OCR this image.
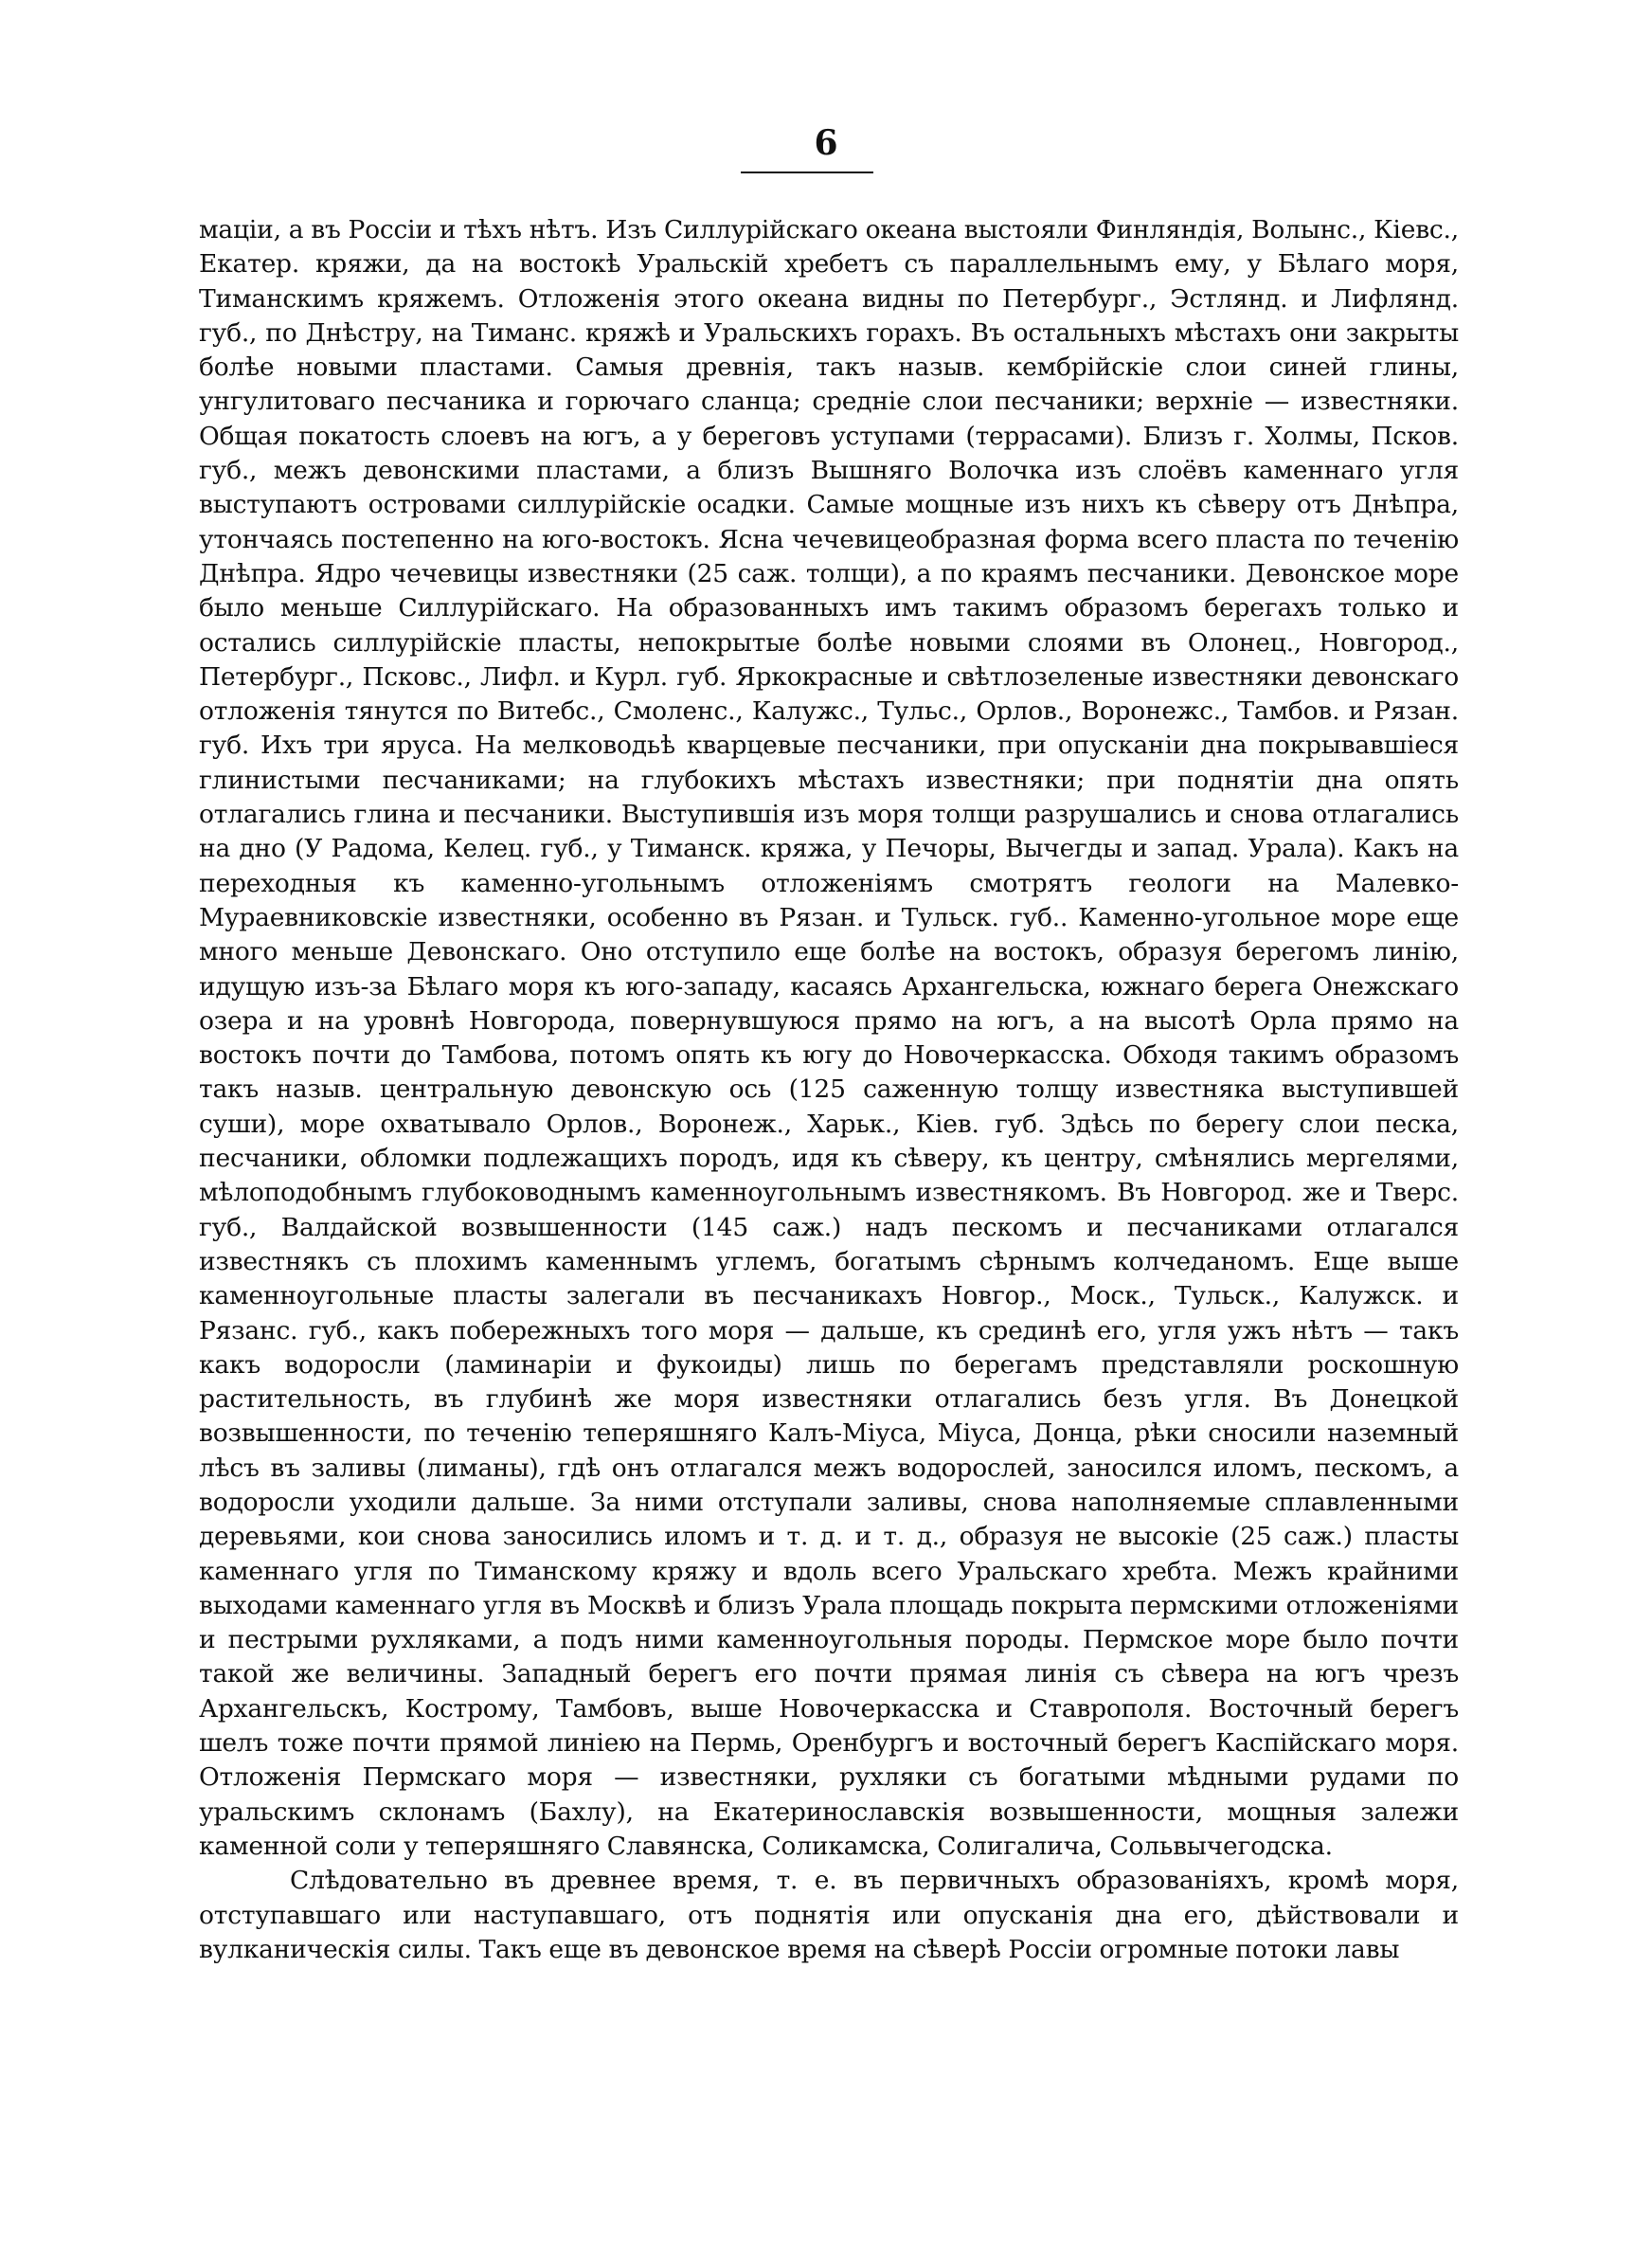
6

маціи, а въ Россіи и тѣхъ нѣтъ. Изъ Силлурійскаго океана выстояли Финляндія, Волынс., Кіевс., Екатер. кряжи, да на востокѣ Уральскій хребетъ съ параллельнымъ ему, у Бѣлаго моря, Тиманскимъ кряжемъ. Отложенія этого океана видны по Петербург., Эстлянд. и Лифлянд. губ., по Днѣстру, на Тиманс. кряжѣ и Уральскихъ горахъ. Въ остальныхъ мѣстахъ они закрыты болѣе новыми пластами. Самыя древнія, такъ назыв. кембрійскіе слои синей глины, унгулитоваго песчаника и горючаго сланца; средніе слои песчаники; верхніе — известняки. Общая покатость слоевъ на югъ, а у береговъ уступами (террасами). Близъ г. Холмы, Псков. губ., межъ девонскими пластами, а близъ Вышняго Волочка изъ слоёвъ каменнаго угля выступаютъ островами силлурійскіе осадки. Самые мощные изъ нихъ къ сѣверу отъ Днѣпра, утончаясь постепенно на юго-востокъ. Ясна чечевицеобразная форма всего пласта по теченію Днѣпра. Ядро чечевицы известняки (25 саж. толщи), а по краямъ песчаники. Девонское море было меньше Силлурійскаго. На образованныхъ имъ такимъ образомъ берегахъ только и остались силлурійскіе пласты, непокрытые болѣе новыми слоями въ Олонец., Новгород., Петербург., Псковс., Лифл. и Курл. губ. Яркокрасные и свѣтлозеленые известняки девонскаго отложенія тянутся по Витебс., Смоленс., Калужс., Тульс., Орлов., Воронежс., Тамбов. и Рязан. губ. Ихъ три яруса. На мелководьѣ кварцевые песчаники, при опусканіи дна покрывавшіеся глинистыми песчаниками; на глубокихъ мѣстахъ известняки; при поднятіи дна опять отлагались глина и песчаники. Выступившія изъ моря толщи разрушались и снова отлагались на дно (У Радома, Келец. губ., у Тиманск. кряжа, у Печоры, Вычегды и запад. Урала). Какъ на переходныя къ каменно-угольнымъ отложеніямъ смотрятъ геологи на Малевко-Мураевниковскіе известняки, особенно въ Рязан. и Тульск. губ.. Каменно-угольное море еще много меньше Девонскаго. Оно отступило еще болѣе на востокъ, образуя берегомъ линію, идущую изъ-за Бѣлаго моря къ юго-западу, касаясь Архангельска, южнаго берега Онежскаго озера и на уровнѣ Новгорода, повернувшуюся прямо на югъ, а на высотѣ Орла прямо на востокъ почти до Тамбова, потомъ опять къ югу до Новочеркасска. Обходя такимъ образомъ такъ назыв. центральную девонскую ось (125 саженную толщу известняка выступившей суши), море охватывало Орлов., Воронеж., Харьк., Кіев. губ. Здѣсь по берегу слои песка, песчаники, обломки подлежащихъ породъ, идя къ сѣверу, къ центру, смѣнялись мергелями, мѣлоподобнымъ глубоководнымъ каменноугольнымъ известнякомъ. Въ Новгород. же и Тверс. губ., Валдайской возвышенности (145 саж.) надъ пескомъ и песчаниками отлагался известнякъ съ плохимъ каменнымъ углемъ, богатымъ сѣрнымъ колчеданомъ. Еще выше каменноугольные пласты залегали въ песчаникахъ Новгор., Моск., Тульск., Калужск. и Рязанс. губ., какъ побережныхъ того моря — дальше, къ срединѣ его, угля ужъ нѣтъ — такъ какъ водоросли (ламинаріи и фукоиды) лишь по берегамъ представляли роскошную растительность, въ глубинѣ же моря известняки отлагались безъ угля. Въ Донецкой возвышенности, по теченію теперяшняго Калъ-Міуса, Міуса, Донца, рѣки сносили наземный лѣсъ въ заливы (лиманы), гдѣ онъ отлагался межъ водорослей, заносился иломъ, пескомъ, а водоросли уходили дальше. За ними отступали заливы, снова наполняемые сплавленными деревьями, кои снова заносились иломъ и т. д. и т. д., образуя не высокіе (25 саж.) пласты каменнаго угля по Тиманскому кряжу и вдоль всего Уральскаго хребта. Межъ крайними выходами каменнаго угля въ Москвѣ и близъ Урала площадь покрыта пермскими отложеніями и пестрыми рухляками, а подъ ними каменноугольныя породы. Пермское море было почти такой же величины. Западный берегъ его почти прямая линія съ сѣвера на югъ чрезъ Архангельскъ, Кострому, Тамбовъ, выше Новочеркасска и Ставрополя. Восточный берегъ шелъ тоже почти прямой линіею на Пермь, Оренбургъ и восточный берегъ Каспійскаго моря. Отложенія Пермскаго моря — известняки, рухляки съ богатыми мѣдными рудами по уральскимъ склонамъ (Бахлу), на Екатеринославскія возвышенности, мощныя залежи каменной соли у теперяшняго Славянска, Соликамска, Солигалича, Сольвычегодска.

Слѣдовательно въ древнее время, т. е. въ первичныхъ образованіяхъ, кромѣ моря, отступавшаго или наступавшаго, отъ поднятія или опусканія дна его, дѣйствовали и вулканическія силы. Такъ еще въ девонское время на сѣверѣ Россіи огромные потоки лавы
